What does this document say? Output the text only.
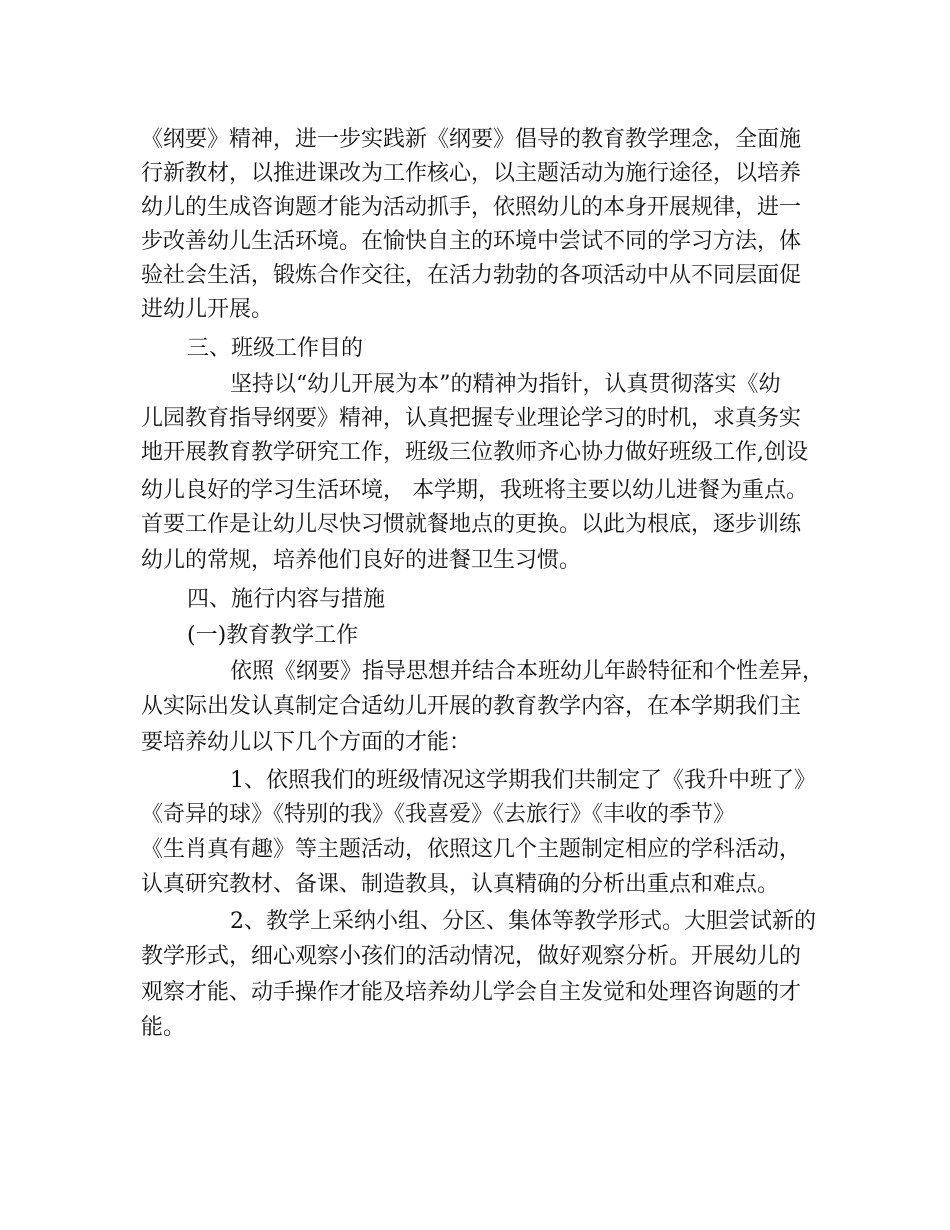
《纲要》精神，进一步实践新《纲要》倡导的教育教学理念，全面施

行新教材，以推进课改为工作核心，以主题活动为施行途径，以培养

幼儿的生成咨询题才能为活动抓手，依照幼儿的本身开展规律，进一

步改善幼儿生活环境。在愉快自主的环境中尝试不同的学习方法，体

验社会生活，锻炼合作交往，在活力勃勃的各项活动中从不同层面促

进幼儿开展。

三、班级工作目的

坚持以“幼儿开展为本”的精神为指针，认真贯彻落实《幼

儿园教育指导纲要》精神，认真把握专业理论学习的时机，求真务实

地开展教育教学研究工作，班级三位教师齐心协力做好班级工作,创设

幼儿良好的学习生活环境， 本学期，我班将主要以幼儿进餐为重点。

首要工作是让幼儿尽快习惯就餐地点的更换。以此为根底，逐步训练

幼儿的常规，培养他们良好的进餐卫生习惯。

四、施行内容与措施

(一)教育教学工作

依照《纲要》指导思想并结合本班幼儿年龄特征和个性差异，

从实际出发认真制定合适幼儿开展的教育教学内容，在本学期我们主

要培养幼儿以下几个方面的才能：

1、依照我们的班级情况这学期我们共制定了《我升中班了》

《奇异的球》《特别的我》《我喜爱》《去旅行》《丰收的季节》

《生肖真有趣》等主题活动，依照这几个主题制定相应的学科活动，

认真研究教材、备课、制造教具，认真精确的分析出重点和难点。

2、教学上采纳小组、分区、集体等教学形式。大胆尝试新的

教学形式，细心观察小孩们的活动情况，做好观察分析。开展幼儿的

观察才能、动手操作才能及培养幼儿学会自主发觉和处理咨询题的才

能。
